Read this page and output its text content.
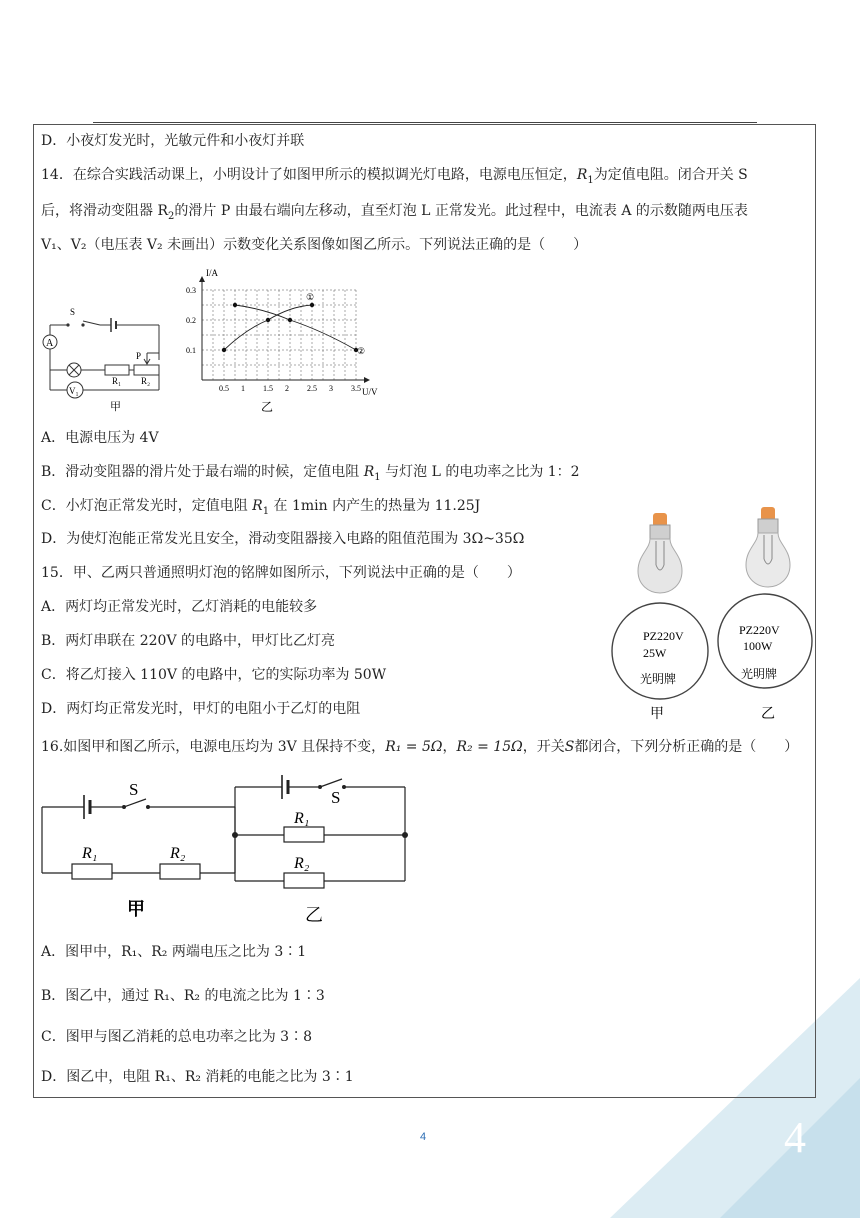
D．小夜灯发光时，光敏元件和小夜灯并联
14．在综合实践活动课上，小明设计了如图甲所示的模拟调光灯电路，电源电压恒定，$R_1$为定值电阻。闭合开关 S
后，将滑动变阻器 $R_2$的滑片 P 由最右端向左移动，直至灯泡 L 正常发光。此过程中，电流表 A 的示数随两电压表
V₁、V₂（电压表 V₂ 未画出）示数变化关系图像如图乙所示。下列说法正确的是（　　）
A
V₁
S
P
R₁ R₂
甲
0.5 1 1.5 2 2.5 3 3.5
0.1
0.2
0.3
①
②
I/A
U/V
乙
A．电源电压为 4V
B．滑动变阻器的滑片处于最右端的时候，定值电阻 $R_1$ 与灯泡 L 的电功率之比为 1：2
C．小灯泡正常发光时，定值电阻 $R_1$ 在 1min 内产生的热量为 11.25J
D．为使灯泡能正常发光且安全，滑动变阻器接入电路的阻值范围为 3Ω~35Ω
15．甲、乙两只普通照明灯泡的铭牌如图所示，下列说法中正确的是（　　）
A．两灯均正常发光时，乙灯消耗的电能较多
B．两灯串联在 220V 的电路中，甲灯比乙灯亮
C．将乙灯接入 110V 的电路中，它的实际功率为 50W
D．两灯均正常发光时，甲灯的电阻小于乙灯的电阻
PZ220V
25W
光明牌
甲
PZ220V
100W
光明牌
乙
16.如图甲和图乙所示，电源电压均为 3V 且保持不变，R₁ = 5Ω，R₂ = 15Ω，开关S都闭合，下列分析正确的是（　　）
S
R₁	R₂
S
R₁
R₂
甲	乙
A．图甲中，R₁、R₂ 两端电压之比为 3∶1
B．图乙中，通过 R₁、R₂ 的电流之比为 1∶3
C．图甲与图乙消耗的总电功率之比为 3∶8
D．图乙中，电阻 R₁、R₂ 消耗的电能之比为 3∶1
4	4
